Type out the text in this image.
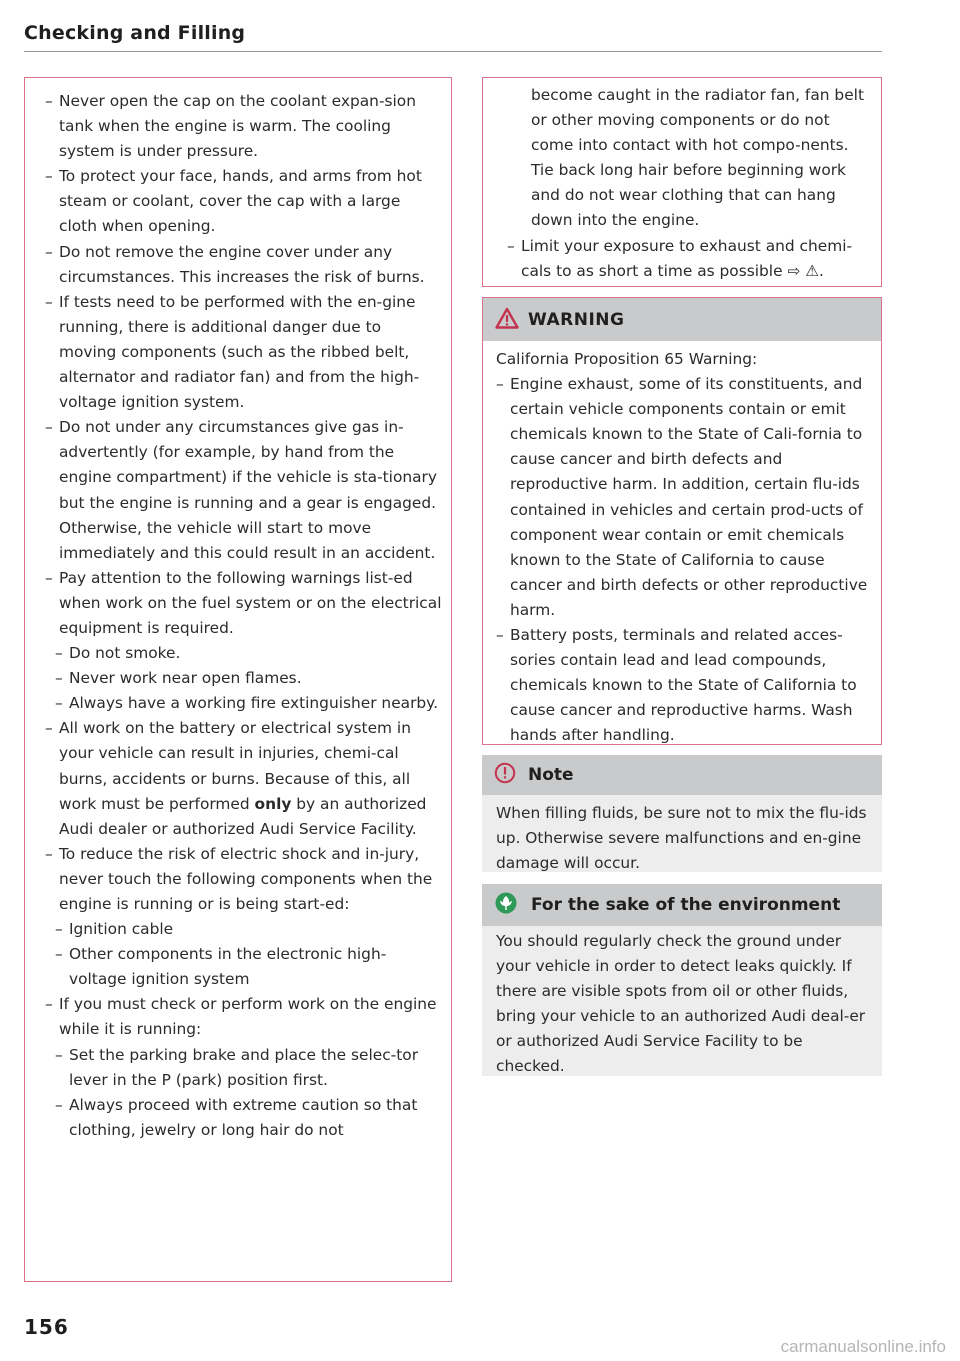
Checking and Filling
– Never open the cap on the coolant expan-sion tank when the engine is warm. The cooling system is under pressure.
– To protect your face, hands, and arms from hot steam or coolant, cover the cap with a large cloth when opening.
– Do not remove the engine cover under any circumstances. This increases the risk of burns.
– If tests need to be performed with the en-gine running, there is additional danger due to moving components (such as the ribbed belt, alternator and radiator fan) and from the high-voltage ignition system.
– Do not under any circumstances give gas in-advertently (for example, by hand from the engine compartment) if the vehicle is sta-tionary but the engine is running and a gear is engaged. Otherwise, the vehicle will start to move immediately and this could result in an accident.
– Pay attention to the following warnings list-ed when work on the fuel system or on the electrical equipment is required.
– Do not smoke.
– Never work near open flames.
– Always have a working fire extinguisher nearby.
– All work on the battery or electrical system in your vehicle can result in injuries, chemi-cal burns, accidents or burns. Because of this, all work must be performed only by an authorized Audi dealer or authorized Audi Service Facility.
– To reduce the risk of electric shock and in-jury, never touch the following components when the engine is running or is being start-ed:
– Ignition cable
– Other components in the electronic high-voltage ignition system
– If you must check or perform work on the engine while it is running:
– Set the parking brake and place the selec-tor lever in the P (park) position first.
– Always proceed with extreme caution so that clothing, jewelry or long hair do not
become caught in the radiator fan, fan belt or other moving components or do not come into contact with hot compo-nents. Tie back long hair before beginning work and do not wear clothing that can hang down into the engine.
– Limit your exposure to exhaust and chemi-cals to as short a time as possible ⇨ ⚠.
WARNING

California Proposition 65 Warning:

– Engine exhaust, some of its constituents, and certain vehicle components contain or emit chemicals known to the State of Cali-fornia to cause cancer and birth defects and reproductive harm. In addition, certain flu-ids contained in vehicles and certain prod-ucts of component wear contain or emit chemicals known to the State of California to cause cancer and birth defects or other reproductive harm.
– Battery posts, terminals and related acces-sories contain lead and lead compounds, chemicals known to the State of California to cause cancer and reproductive harms. Wash hands after handling.
Note
When filling fluids, be sure not to mix the flu-ids up. Otherwise severe malfunctions and en-gine damage will occur.
For the sake of the environment
You should regularly check the ground under your vehicle in order to detect leaks quickly. If there are visible spots from oil or other fluids, bring your vehicle to an authorized Audi deal-er or authorized Audi Service Facility to be checked.
156
carmanualsonline.info
